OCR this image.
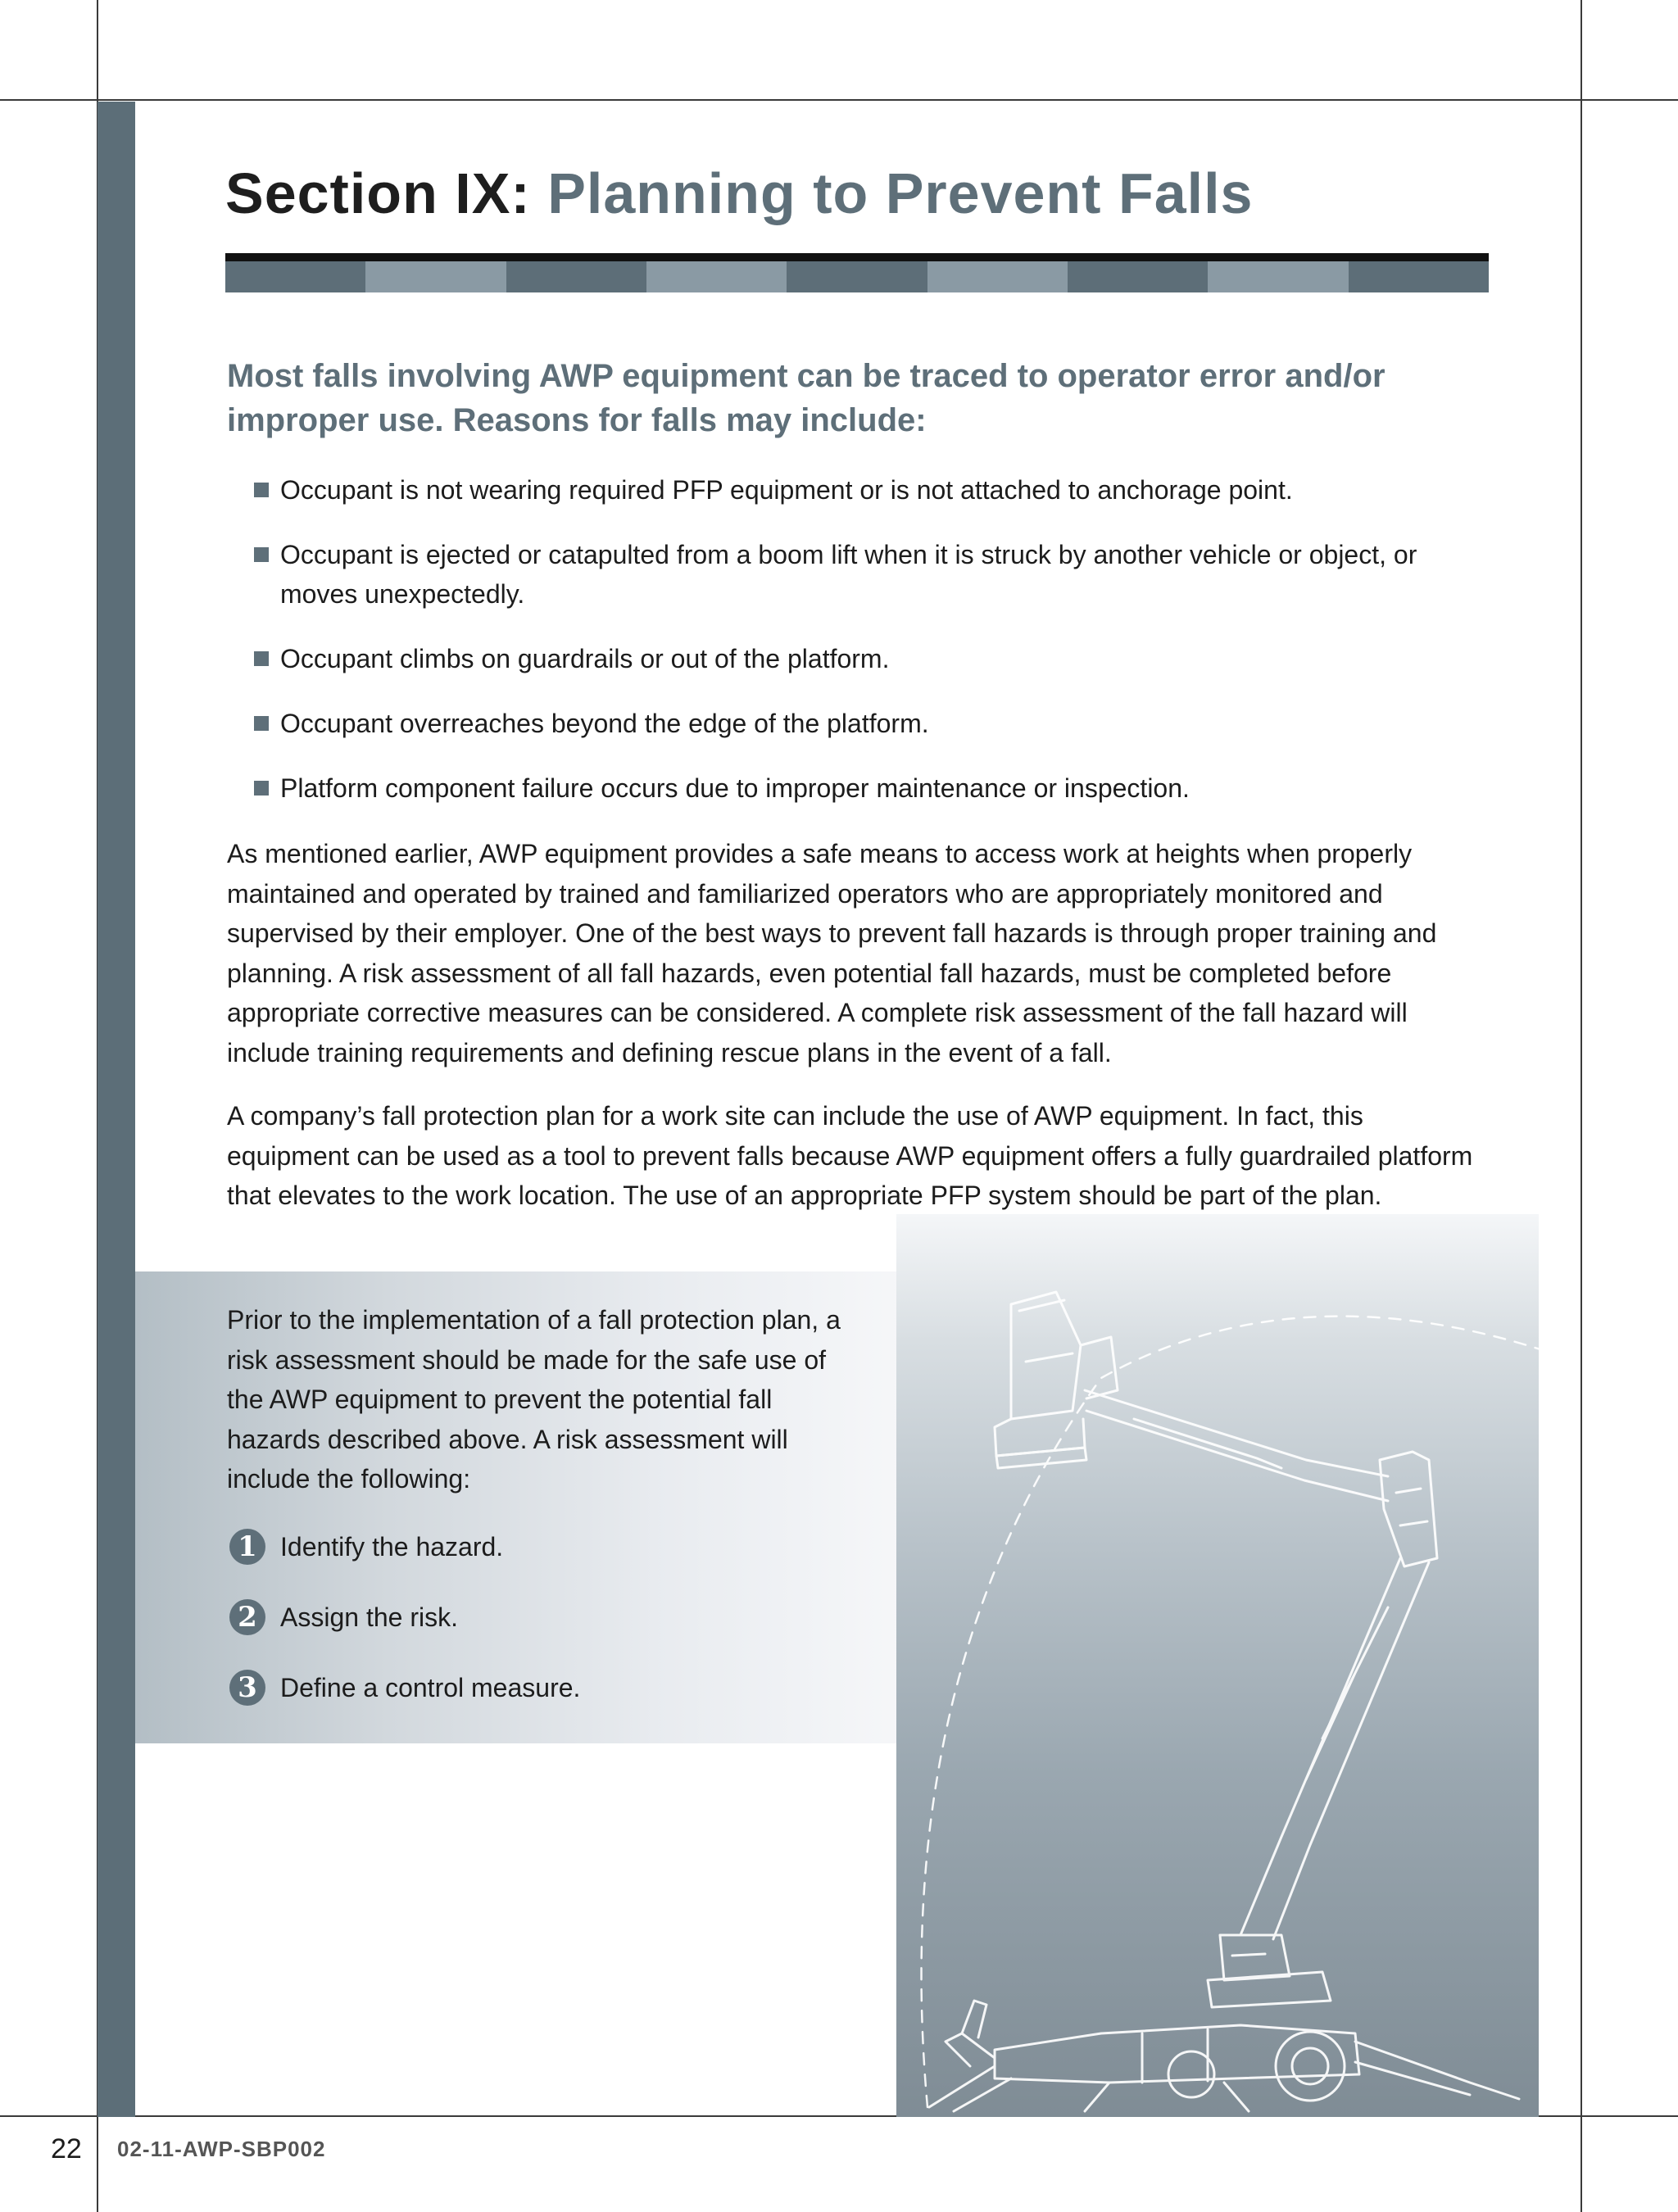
Section IX: Planning to Prevent Falls
Most falls involving AWP equipment can be traced to operator error and/or improper use. Reasons for falls may include:
Occupant is not wearing required PFP equipment or is not attached to anchorage point.
Occupant is ejected or catapulted from a boom lift when it is struck by another vehicle or object, or moves unexpectedly.
Occupant climbs on guardrails or out of the platform.
Occupant overreaches beyond the edge of the platform.
Platform component failure occurs due to improper maintenance or inspection.

As mentioned earlier, AWP equipment provides a safe means to access work at heights when properly maintained and operated by trained and familiarized operators who are appropriately monitored and supervised by their employer. One of the best ways to prevent fall hazards is through proper training and planning. A risk assessment of all fall hazards, even potential fall hazards, must be completed before appropriate corrective measures can be considered. A complete risk assessment of the fall hazard will include training requirements and defining rescue plans in the event of a fall.

A company’s fall protection plan for a work site can include the use of AWP equipment. In fact, this equipment can be used as a tool to prevent falls because AWP equipment offers a fully guardrailed platform that elevates to the work location. The use of an appropriate PFP system should be part of the plan.

Prior to the implementation of a fall protection plan, a risk assessment should be made for the safe use of the AWP equipment to prevent the potential fall hazards described above. A risk assessment will include the following:

1 Identify the hazard.
2 Assign the risk.
3 Define a control measure.
22 02-11-AWP-SBP002
